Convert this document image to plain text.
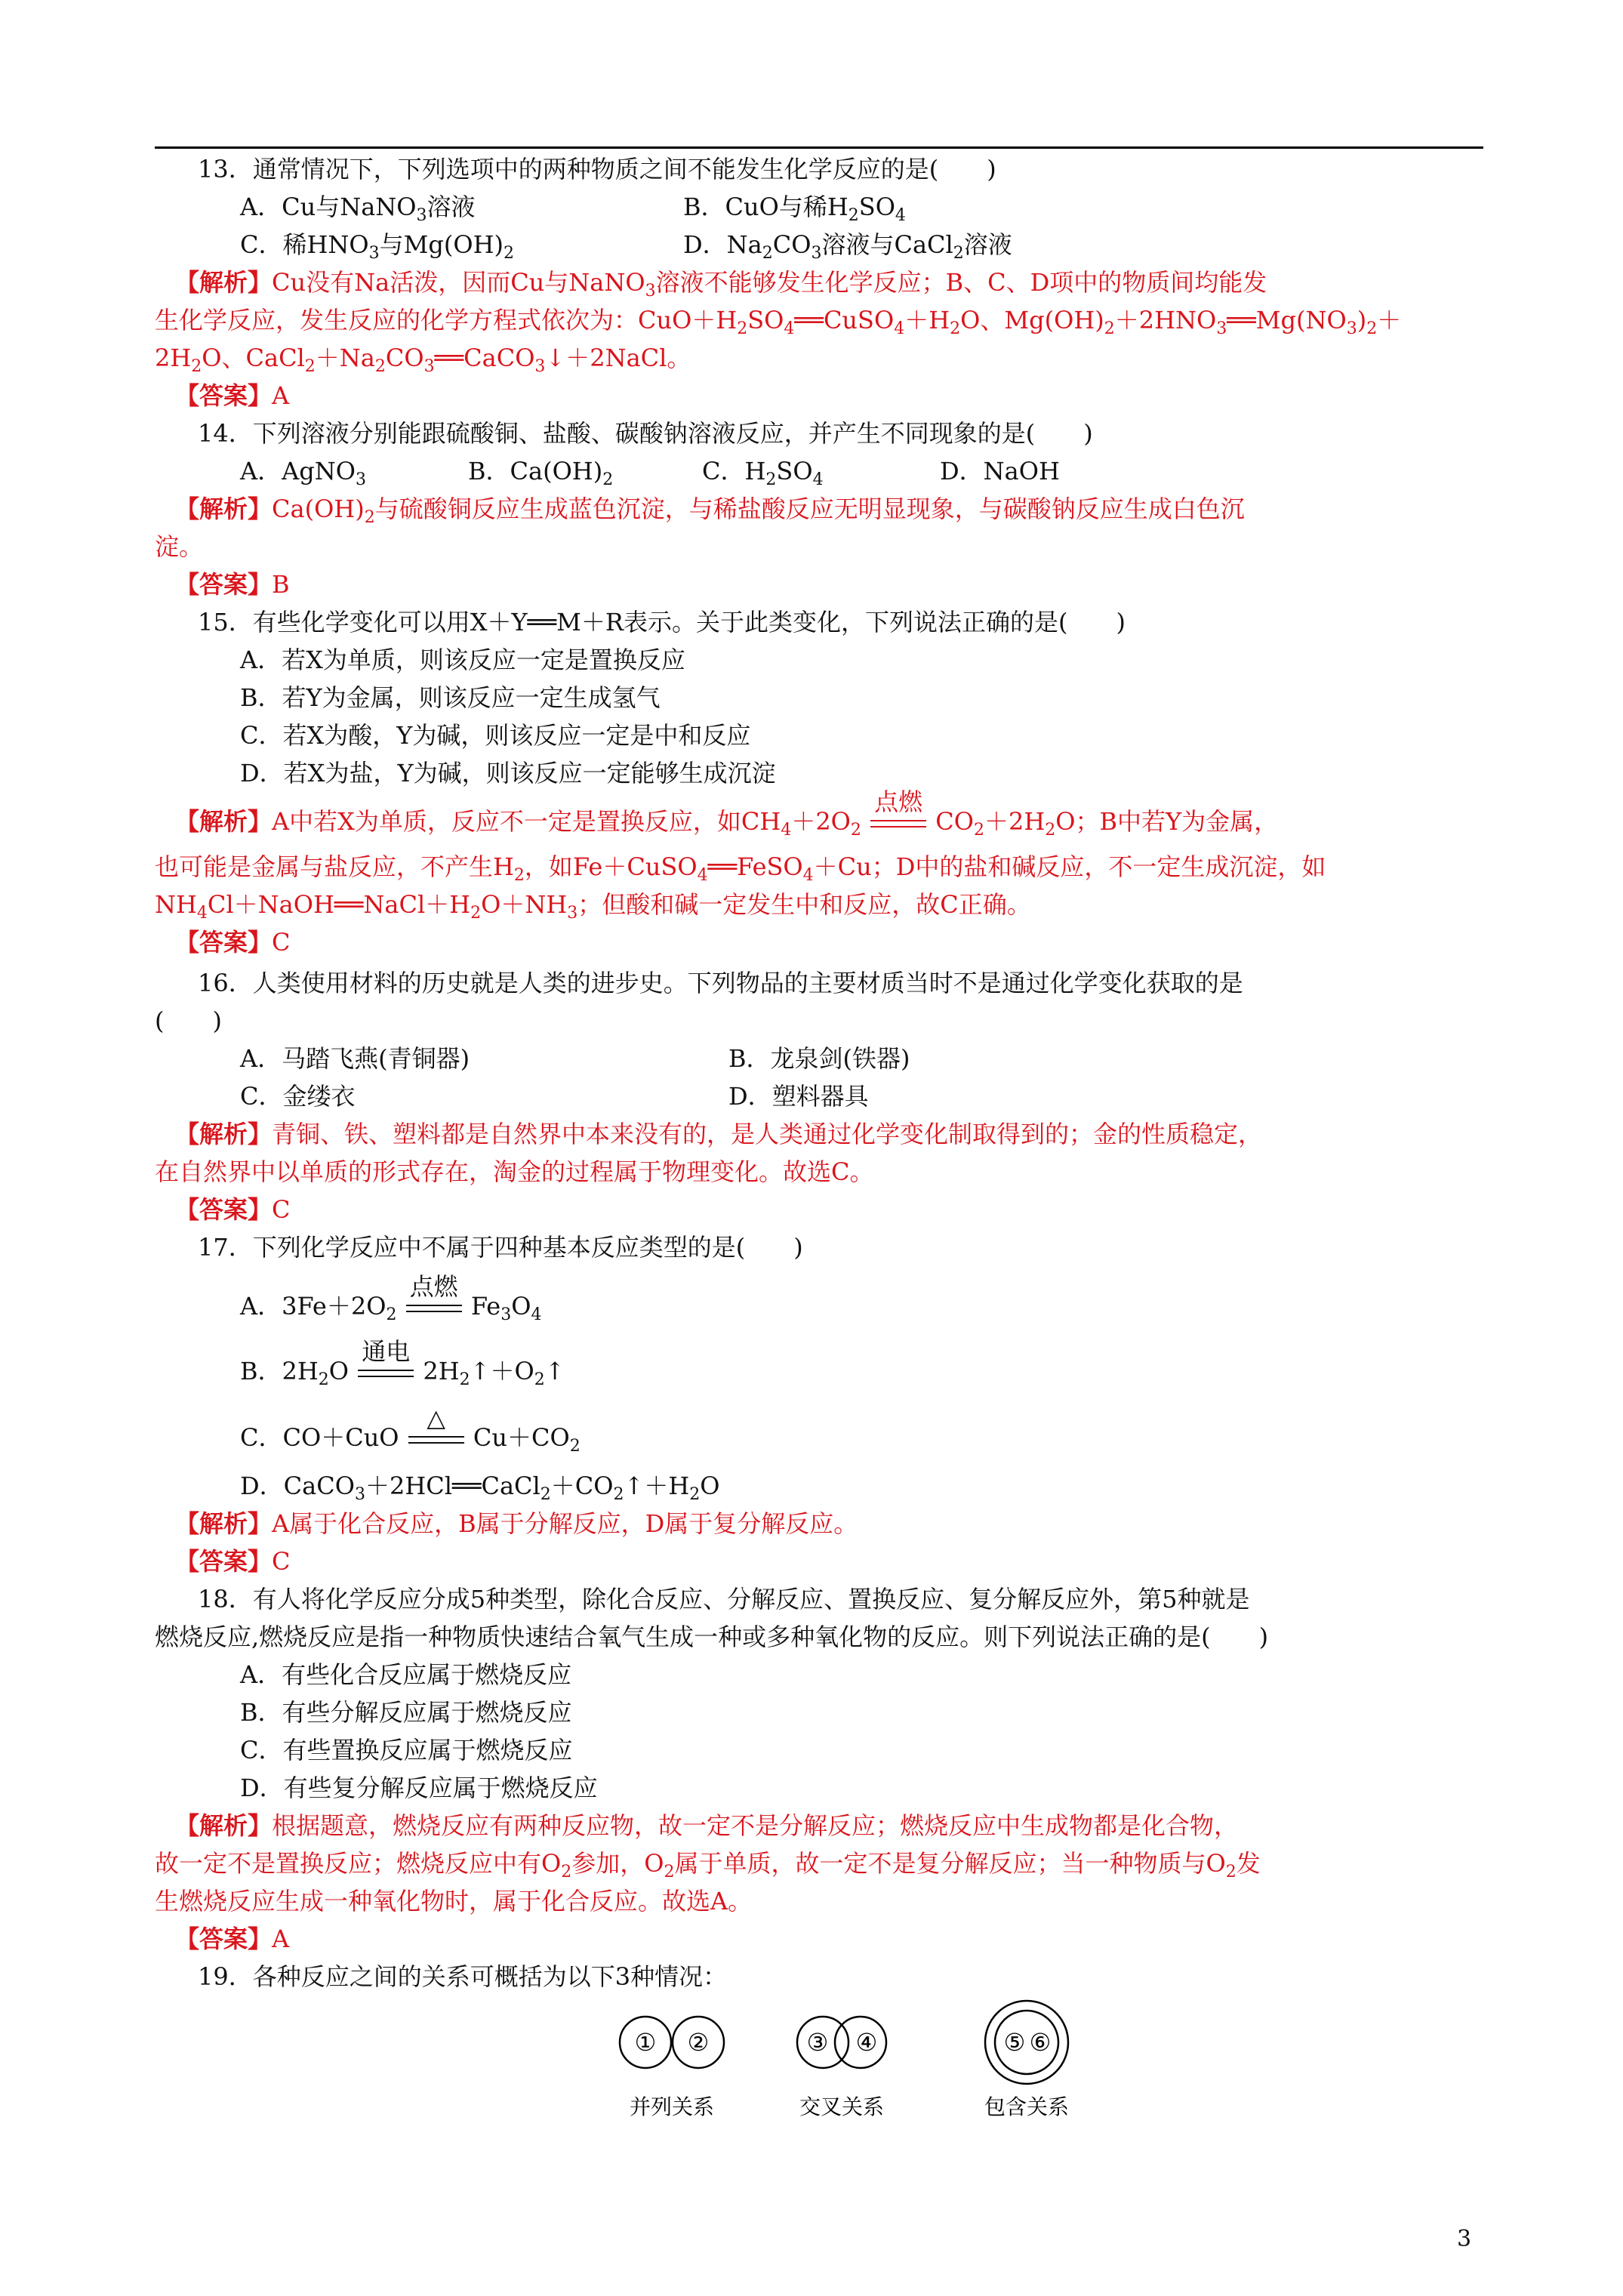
13．通常情况下，下列选项中的两种物质之间不能发生化学反应的是(　　)
A．Cu与NaNO$_3$溶液	B．CuO与稀$H_2SO_4$
C．稀$HNO_3$与$Mg(OH)_2$	D．$Na_2CO_3$溶液与CaCl$_2$溶液
【解析】Cu没有Na活泼，因而Cu与NaNO$_3$溶液不能够发生化学反应；B、C、D项中的物质间均能发
生化学反应，发生反应的化学方程式依次为：$CuO+H_2SO_4══CuSO_4+H_2O$、$Mg(OH)_2+2HNO_3══Mg(NO_3)_2+$
$2H_2O$、$CaCl_2+Na_2CO_3══CaCO_3↓+2NaCl$。
【答案】A
14．下列溶液分别能跟硫酸铜、盐酸、碳酸钠溶液反应，并产生不同现象的是(　　)
A．AgNO$_3$	B．$Ca(OH)_2$	C．$H_2SO_4$	D．NaOH
【解析】$Ca(OH)_2$与硫酸铜反应生成蓝色沉淀，与稀盐酸反应无明显现象，与碳酸钠反应生成白色沉
淀。
【答案】B
15．有些化学变化可以用X＋Y══M＋R表示。关于此类变化，下列说法正确的是(　　)
A．若X为单质，则该反应一定是置换反应
B．若Y为金属，则该反应一定生成氢气
C．若X为酸，Y为碱，则该反应一定是中和反应
D．若X为盐，Y为碱，则该反应一定能够生成沉淀
【解析】A中若X为单质，反应不一定是置换反应，如$CH_4+2O_2$
点燃
$CO_2+2H_2O$；B中若Y为金属，
也可能是金属与盐反应，不产生$H_2$，如Fe＋CuSO$_4$══FeSO$_4$＋Cu；D中的盐和碱反应，不一定生成沉淀，如
$NH_4Cl+NaOH══NaCl+H_2O+NH_3$；但酸和碱一定发生中和反应，故C正确。
【答案】C
16．人类使用材料的历史就是人类的进步史。下列物品的主要材质当时不是通过化学变化获取的是
(　　)
A．马踏飞燕(青铜器)	B．龙泉剑(铁器)
C．金缕衣	D．塑料器具
【解析】青铜、铁、塑料都是自然界中本来没有的，是人类通过化学变化制取得到的；金的性质稳定，
在自然界中以单质的形式存在，淘金的过程属于物理变化。故选C。
【答案】C
17．下列化学反应中不属于四种基本反应类型的是(　　)
A．$3Fe+2O_2$
点燃
$Fe_3O_4$
B．$2H_2O$
通电
$2H_2↑+O_2↑$
C．CO＋CuO
△
$Cu+CO_2$
D．$CaCO_3+2HCl══CaCl_2+CO_2↑+H_2O$
【解析】A属于化合反应，B属于分解反应，D属于复分解反应。
【答案】C
18．有人将化学反应分成5种类型，除化合反应、分解反应、置换反应、复分解反应外，第5种就是
燃烧反应,燃烧反应是指一种物质快速结合氧气生成一种或多种氧化物的反应。则下列说法正确的是(　　)
A．有些化合反应属于燃烧反应
B．有些分解反应属于燃烧反应
C．有些置换反应属于燃烧反应
D．有些复分解反应属于燃烧反应
【解析】根据题意，燃烧反应有两种反应物，故一定不是分解反应；燃烧反应中生成物都是化合物，
故一定不是置换反应；燃烧反应中有$O_2$参加，$O_2$属于单质，故一定不是复分解反应；当一种物质与$O_2$发
生燃烧反应生成一种氧化物时，属于化合反应。故选A。
【答案】A
19．各种反应之间的关系可概括为以下3种情况：
① ②
并列关系
③ ④
交叉关系
⑤ ⑥
包含关系
3
